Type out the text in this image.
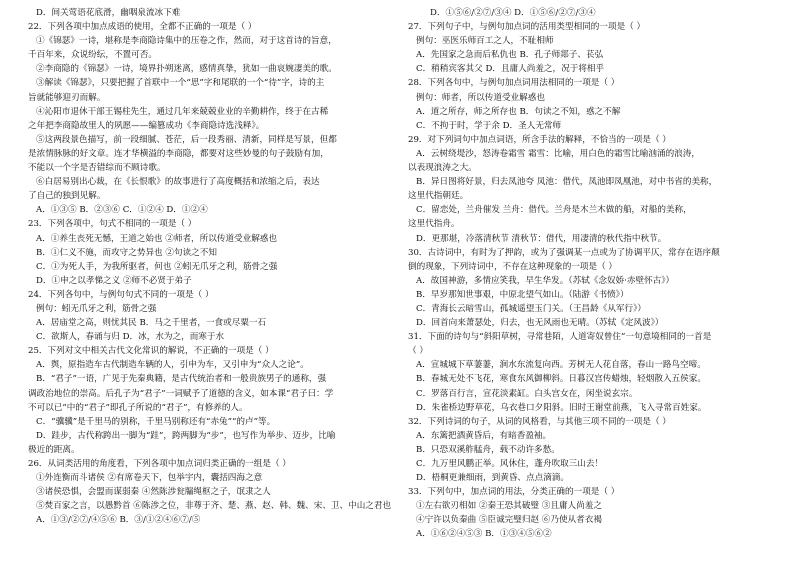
D．间关莺语花底滑，幽咽泉流冰下难
22．下列各项中加点成语的使用，全都不正确的一项是（ ）
①《锦瑟》一诗，堪称是李商隐诗集中的压卷之作，然而，对于这首诗的旨意，
千百年来，众说纷纭，不置可否。
②李商隐的《锦瑟》一诗，境界扑朔迷离，感情真挚，犹如一曲哀婉凄美的歌。
③解读《锦瑟》，只要把握了首联中一个“思”字和尾联的一个“待”字，诗的主
旨就能够迎刃而解。
④沁阳市退休干部王锡柱先生，通过几年来兢兢业业的辛勤耕作，终于在古稀
之年把李商隐故里人的夙愿——编篡成功《李商隐诗选浅释》。
⑤这两段景色描写，前一段细腻、苍茫，后一段秀丽、清新，同样是写景，但都
是浓情脉脉的好文章。连才华横溢的李商隐，都要对这些妙曼的句子鼓励有加，
不能以一个字是否错综而不顾诗歌。
⑥白居易别出心裁，在《长恨歌》的故事进行了高度概括和浓缩之后，表达
了自己的独到见解。
A．①③⑤ B．②③⑥ C．①②④ D．①②④
23．下列各项中，句式不相同的一项是（ ）
A．①养生丧死无憾，王道之始也 ②师者，所以传道受业解惑也
B．①仁义不施，而攻守之势异也 ②句读之不知
C．①为死人手，为我所驱者，何也 ②蚓无爪牙之利，筋骨之强
D．①申之以孝悌之义 ②师不必贤于弟子
24．下列各句中，与例句句式不同的一项是（ ）
例句：蚓无爪牙之利，筋骨之强
A．居庙堂之高，则忧其民 B．马之千里者，一食或尽粟一石
C．欲斯人，春诵与归 D．冰，水为之，而寒于水
25．下列对文中相关古代文化常识的解说，不正确的一项是（ ）
A．舆，原指造车古代制造车辆的人，引申为车，又引申为“众人之论”。
B．“君子”一语，广见于先秦典籍，是古代统治者和一般贵族男子的通称，强
调政治地位的崇高。后孔子为“君子”一词赋予了道德的含义，如本课“君子曰：学
不可以已”中的“君子”即孔子所说的“君子”，有修养的人。
C．“骥骥”是千里马的别称，千里马别称还有“赤兔”“的卢”等。
D．跬步，古代称跨出一脚为“跬”，跨两脚为“步”，也写作为举步、迈步，比喻
极近的距离。
26．从词类活用的角度看，下列各项中加点词归类正确的一组是（ ）
①外连衡而斗诸侯 ②有席卷天下，包举宇内，囊括四海之意
③诸侯恐惧，会盟而谋弱秦 ④然陈涉瓮牖绳枢之子，氓隶之人
⑤焚百家之言，以愚黔首 ⑥陈涉之位，非尊于齐、楚、燕、赵、韩、魏、宋、卫、中山之君也
A．①③/②⑦/④⑤⑥ B．③/①②④⑥⑦/⑤
D．①⑤⑥/②⑦/③④ D．①⑤⑥/②⑦/③④
27．下列句子中，与例句加点词的活用类型相同的一项是（ ）
例句：巫医乐师百工之人，不耻相师
A．先国家之急而后私仇也 B．孔子师郯子、苌弘
C．稍稍宾客其父 D．且庸人尚羞之，况于将相乎
28．下列各句中，与例句加点词用法相同的一项是（ ）
例句：师者，所以传道受业解惑也
A．道之所存，师之所存也 B．句读之不知，惑之不解
C．不拘于时，学于余 D．圣人无常师
29．对下列词句中加点词语，所含手法的解释，不恰当的一项是（ ）
A．云树绕堤沙，怒涛卷霜雪 霜雪：比喻，用白色的霜雪比喻汹涌的浪涛，
以表现浪涛之大。
B．异日图将好景，归去凤池夸 凤池：借代，凤池即凤凰池，对中书省的美称，
这里代指朝廷。
C．留恋处，兰舟催发 兰舟：借代。兰舟是木兰木做的船，对船的美称，
这里代指舟。
D．更那堪，冷落清秋节 清秋节：借代，用凄清的秋代指中秋节。
30．古诗词中，有时为了押韵，或为了强调某一点或为了协调平仄，常存在语序颠
倒的现象，下列诗词中，不存在这种现象的一项是（ ）
A．故国神游，多情应笑我，早生华发。（苏轼《念奴娇·赤壁怀古》）
B．早岁那知世事艰，中原北望气如山。（陆游《书愤》）
C．青海长云暗雪山，孤城遥望玉门关。（王昌龄《从军行》）
D．回首向来萧瑟处，归去，也无风雨也无晴。（苏轼《定风波》）
31．下面的诗句与“斜阳草树，寻常巷陌，人道寄奴曾住”一句意境相同的一首是
（ ）
A．宣城城下草萋萋，涧水东流复向西。芳树无人花自落，春山一路鸟空啼。
B．春城无处不飞花，寒食东风御柳斜。日暮汉宫传蜡烛，轻烟散入五侯家。
C．罗落百行言，宣花淡素缸。白头宫女在，闲坐说玄宗。
D．朱雀桥边野草花，乌衣巷口夕阳斜。旧时王谢堂前燕，飞入寻常百姓家。
32．下列诗词的句子，从词的风格看，与其他三项不同的一项是（ ）
A．东篱把酒黄昏后，有暗香盈袖。
B．只恐双溪舴艋舟，载不动许多愁。
C．九万里风鹏正举。风休住，蓬舟吹取三山去！
D．梧桐更兼细雨，到黄昏、点点滴滴。
33．下列句中，加点词的用法，分类正确的一项是（ ）
①左右欲刃相如 ②秦王恐其破璧 ③且庸人尚羞之
④宁许以负秦曲 ⑤臣诚完璧归赵 ⑥乃使从者衣褐
A．①⑥②④⑤③ B．①③④⑤⑥②
